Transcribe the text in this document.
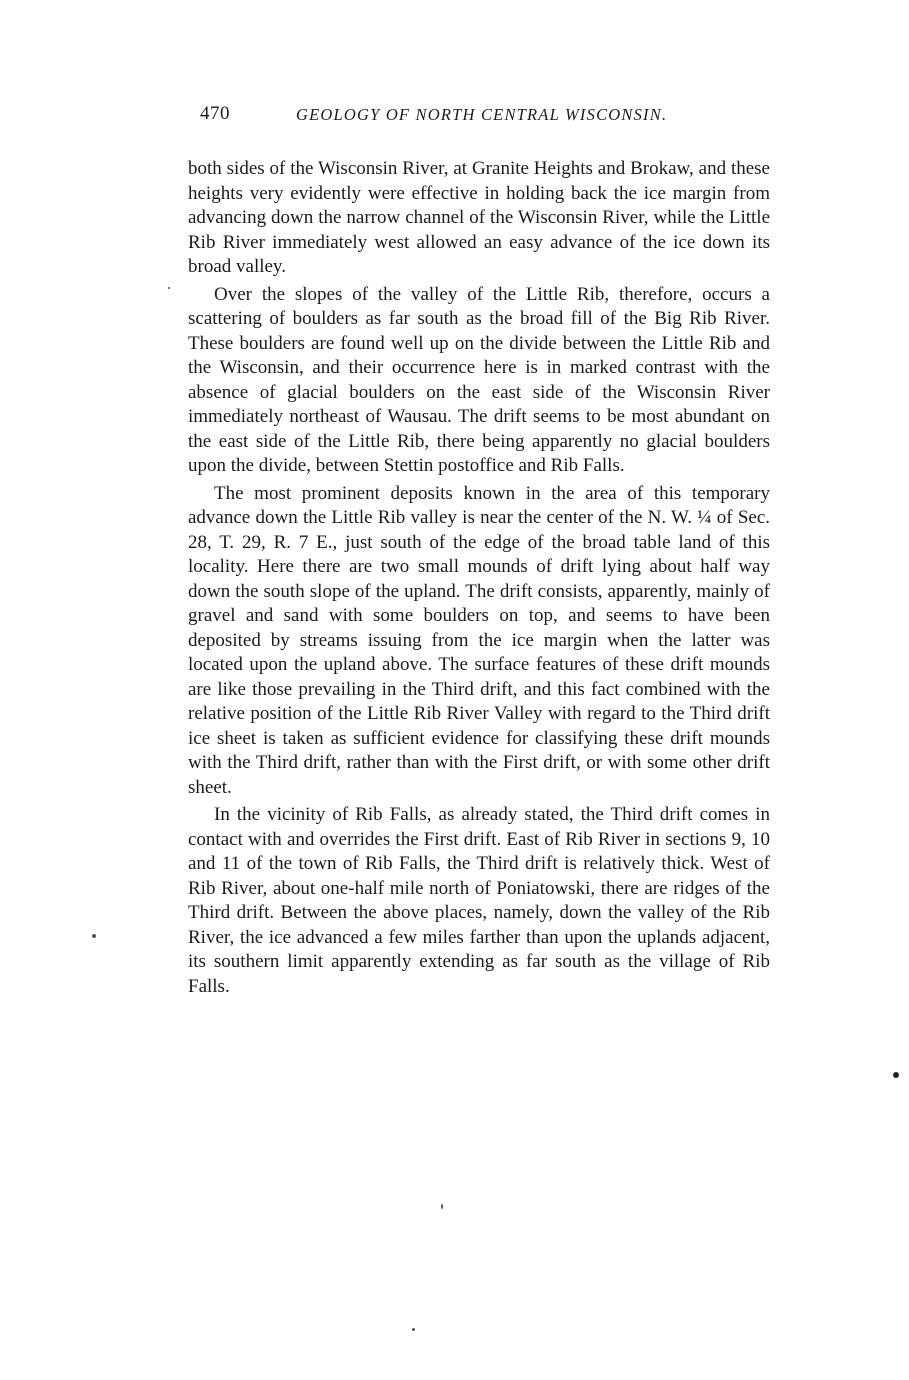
470	GEOLOGY OF NORTH CENTRAL WISCONSIN.

both sides of the Wisconsin River, at Granite Heights and Brokaw, and these heights very evidently were effective in holding back the ice margin from advancing down the narrow channel of the Wisconsin River, while the Little Rib River immediately west allowed an easy advance of the ice down its broad valley.

Over the slopes of the valley of the Little Rib, therefore, occurs a scattering of boulders as far south as the broad fill of the Big Rib River. These boulders are found well up on the divide between the Little Rib and the Wisconsin, and their occurrence here is in marked contrast with the absence of glacial boulders on the east side of the Wisconsin River immediately northeast of Wausau. The drift seems to be most abundant on the east side of the Little Rib, there being apparently no glacial boulders upon the divide, between Stettin postoffice and Rib Falls.

The most prominent deposits known in the area of this temporary advance down the Little Rib valley is near the center of the N. W. ¼ of Sec. 28, T. 29, R. 7 E., just south of the edge of the broad table land of this locality. Here there are two small mounds of drift lying about half way down the south slope of the upland. The drift consists, apparently, mainly of gravel and sand with some boulders on top, and seems to have been deposited by streams issuing from the ice margin when the latter was located upon the upland above. The surface features of these drift mounds are like those prevailing in the Third drift, and this fact combined with the relative position of the Little Rib River Valley with regard to the Third drift ice sheet is taken as sufficient evidence for classifying these drift mounds with the Third drift, rather than with the First drift, or with some other drift sheet.

In the vicinity of Rib Falls, as already stated, the Third drift comes in contact with and overrides the First drift. East of Rib River in sections 9, 10 and 11 of the town of Rib Falls, the Third drift is relatively thick. West of Rib River, about one-half mile north of Poniatowski, there are ridges of the Third drift. Between the above places, namely, down the valley of the Rib River, the ice advanced a few miles farther than upon the uplands adjacent, its southern limit apparently extending as far south as the village of Rib Falls.
